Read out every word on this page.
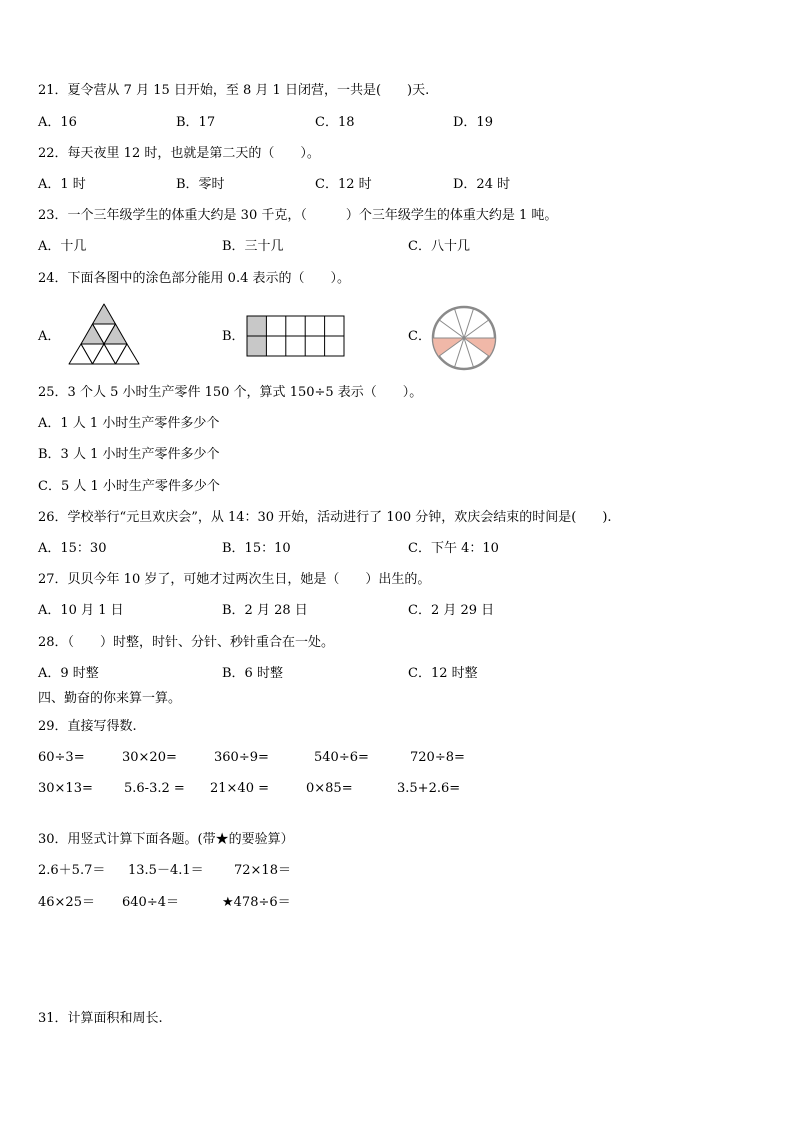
21．夏令营从 7 月 15 日开始，至 8 月 1 日闭营，一共是(　　)天.
A．16	B．17	C．18	D．19
22．每天夜里 12 时，也就是第二天的（　　）。
A．1 时	B．零时	C．12 时	D．24 时
23．一个三年级学生的体重大约是 30 千克，（　　　）个三年级学生的体重大约是 1 吨。
A．十几	B．三十几	C．八十几
24．下面各图中的涂色部分能用 0.4 表示的（　　）。
A．	B．	C．
25．3 个人 5 小时生产零件 150 个，算式 150÷5 表示（　　）。
A．1 人 1 小时生产零件多少个
B．3 人 1 小时生产零件多少个
C．5 人 1 小时生产零件多少个
26．学校举行“元旦欢庆会”，从 14：30 开始，活动进行了 100 分钟，欢庆会结束的时间是(　　).
A．15：30	B．15：10	C．下午 4：10
27．贝贝今年 10 岁了，可她才过两次生日，她是（　　）出生的。
A．10 月 1 日	B．2 月 28 日	C．2 月 29 日
28．（　　）时整，时针、分针、秒针重合在一处。
A．9 时整	B．6 时整	C．12 时整
四、勤奋的你来算一算。
29．直接写得数.
60÷3=	30×20=	360÷9=	540÷6=	720÷8=
30×13= 5.6-3.2 = 21×40 =	0×85=	3.5+2.6=
30．用竖式计算下面各题。(带★的要验算）
2.6＋5.7＝ 13.5－4.1＝ 72×18＝
46×25＝ 640÷4＝	★478÷6＝
31．计算面积和周长.
